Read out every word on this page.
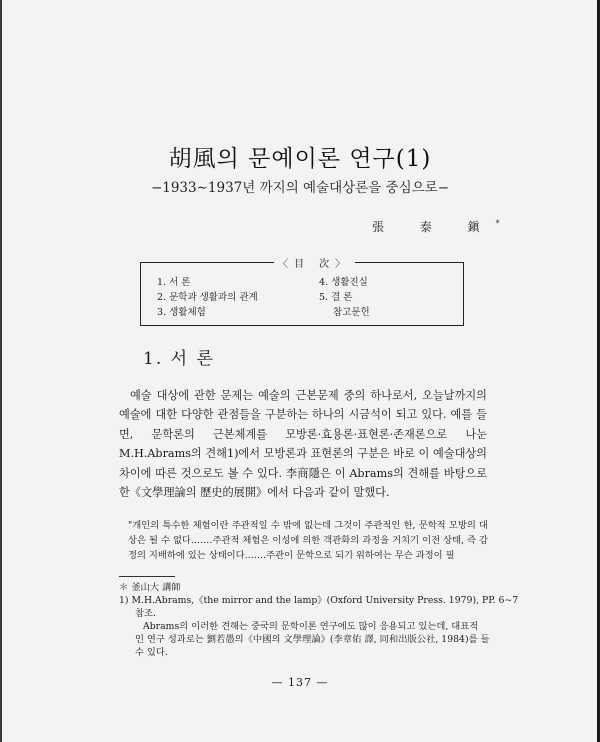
胡風의 문예이론 연구(1)
−1933∼1937년 까지의 예술대상론을 중심으로−
張 泰 鎭*
〈目 次〉
1. 서 론
2. 문학과 생활과의 관계
3. 생활체험
4. 생활진실
5. 결 론
참고문헌
1. 서 론

예술 대상에 관한 문제는 예술의 근본문제 중의 하나로서, 오늘날까지의 예술에 대한 다양한 관점들을 구분하는 하나의 시금석이 되고 있다. 예를 들면, 문학론의 근본체계를 모방론·효용론·표현론·존재론으로 나눈 M.H.Abrams의 견해1)에서 모방론과 표현론의 구분은 바로 이 예술대상의 차이에 따른 것으로도 볼 수 있다. 李商隱은 이 Abrams의 견해를 바탕으로 한《文學理論의 歷史的展開》에서 다음과 같이 말했다.

"개인의 특수한 체험이란 주관적일 수 밖에 없는데 그것이 주관적인 한, 문학적 모방의 대상은 될 수 없다.……주관적 체험은 이성에 의한 객관화의 과정을 거치기 이전 상태, 즉 감정의 지배하에 있는 상태이다.……주관이 문학으로 되기 위하여는 무슨 과정이 필
＊ 釜山大 講師
1) M.H.Abrams,《the mirror and the lamp》(Oxford University Press. 1979), PP. 6∼7
참조.
Abrams의 이러한 견해는 중국의 문학이론 연구에도 많이 응용되고 있는데, 대표적
인 연구 성과로는 劉若愚의《中國의 文學理論》(李章佑 譯, 同和出版公社, 1984)를 들
수 있다.
— 137 —
